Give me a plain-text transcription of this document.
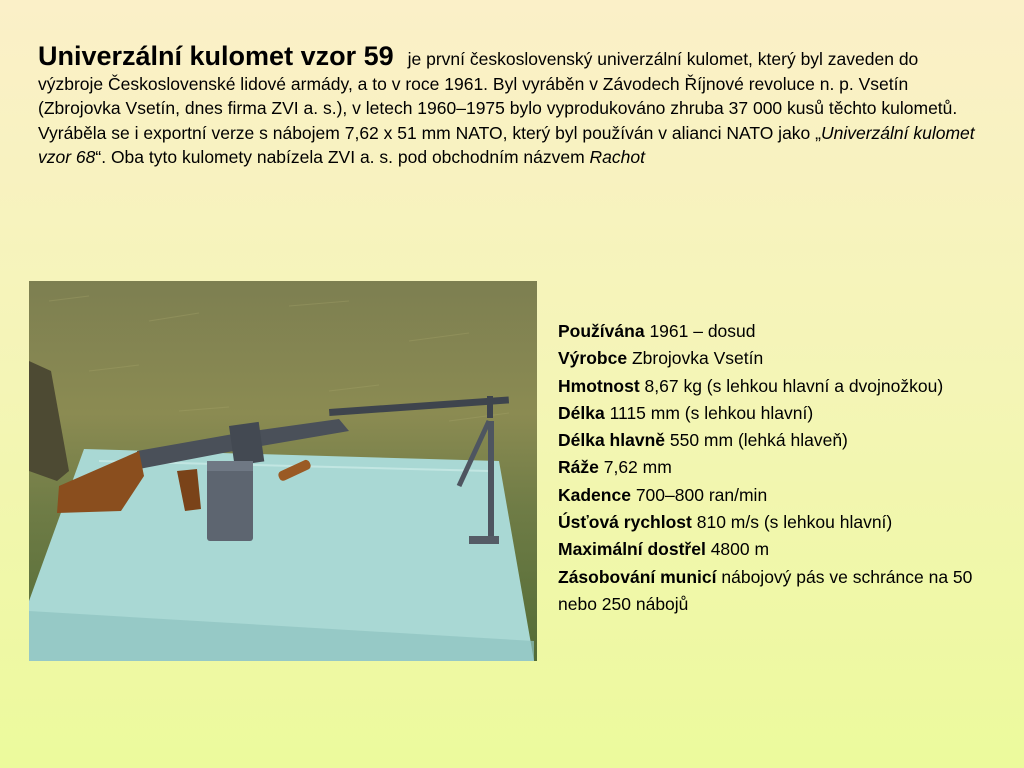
Univerzální kulomet vzor 59 je první československý univerzální kulomet, který byl zaveden do výzbroje Československé lidové armády, a to v roce 1961. Byl vyráběn v Závodech Říjnové revoluce n. p. Vsetín (Zbrojovka Vsetín, dnes firma ZVI a. s.), v letech 1960–1975 bylo vyprodukováno zhruba 37 000 kusů těchto kulometů. Vyráběla se i exportní verze s nábojem 7,62 x 51 mm NATO, který byl používán v alianci NATO jako „Univerzální kulomet vzor 68“. Oba tyto kulomety nabízela ZVI a. s. pod obchodním názvem Rachot
Používána 1961 – dosud
Výrobce Zbrojovka Vsetín
Hmotnost 8,67 kg (s lehkou hlavní a dvojnožkou)
Délka 1115 mm (s lehkou hlavní)
Délka hlavně 550 mm (lehká hlaveň)
Ráže 7,62 mm
Kadence 700–800 ran/min
Úsťová rychlost 810 m/s (s lehkou hlavní)
Maximální dostřel 4800 m
Zásobování municí nábojový pás ve schránce na 50 nebo 250 nábojů
